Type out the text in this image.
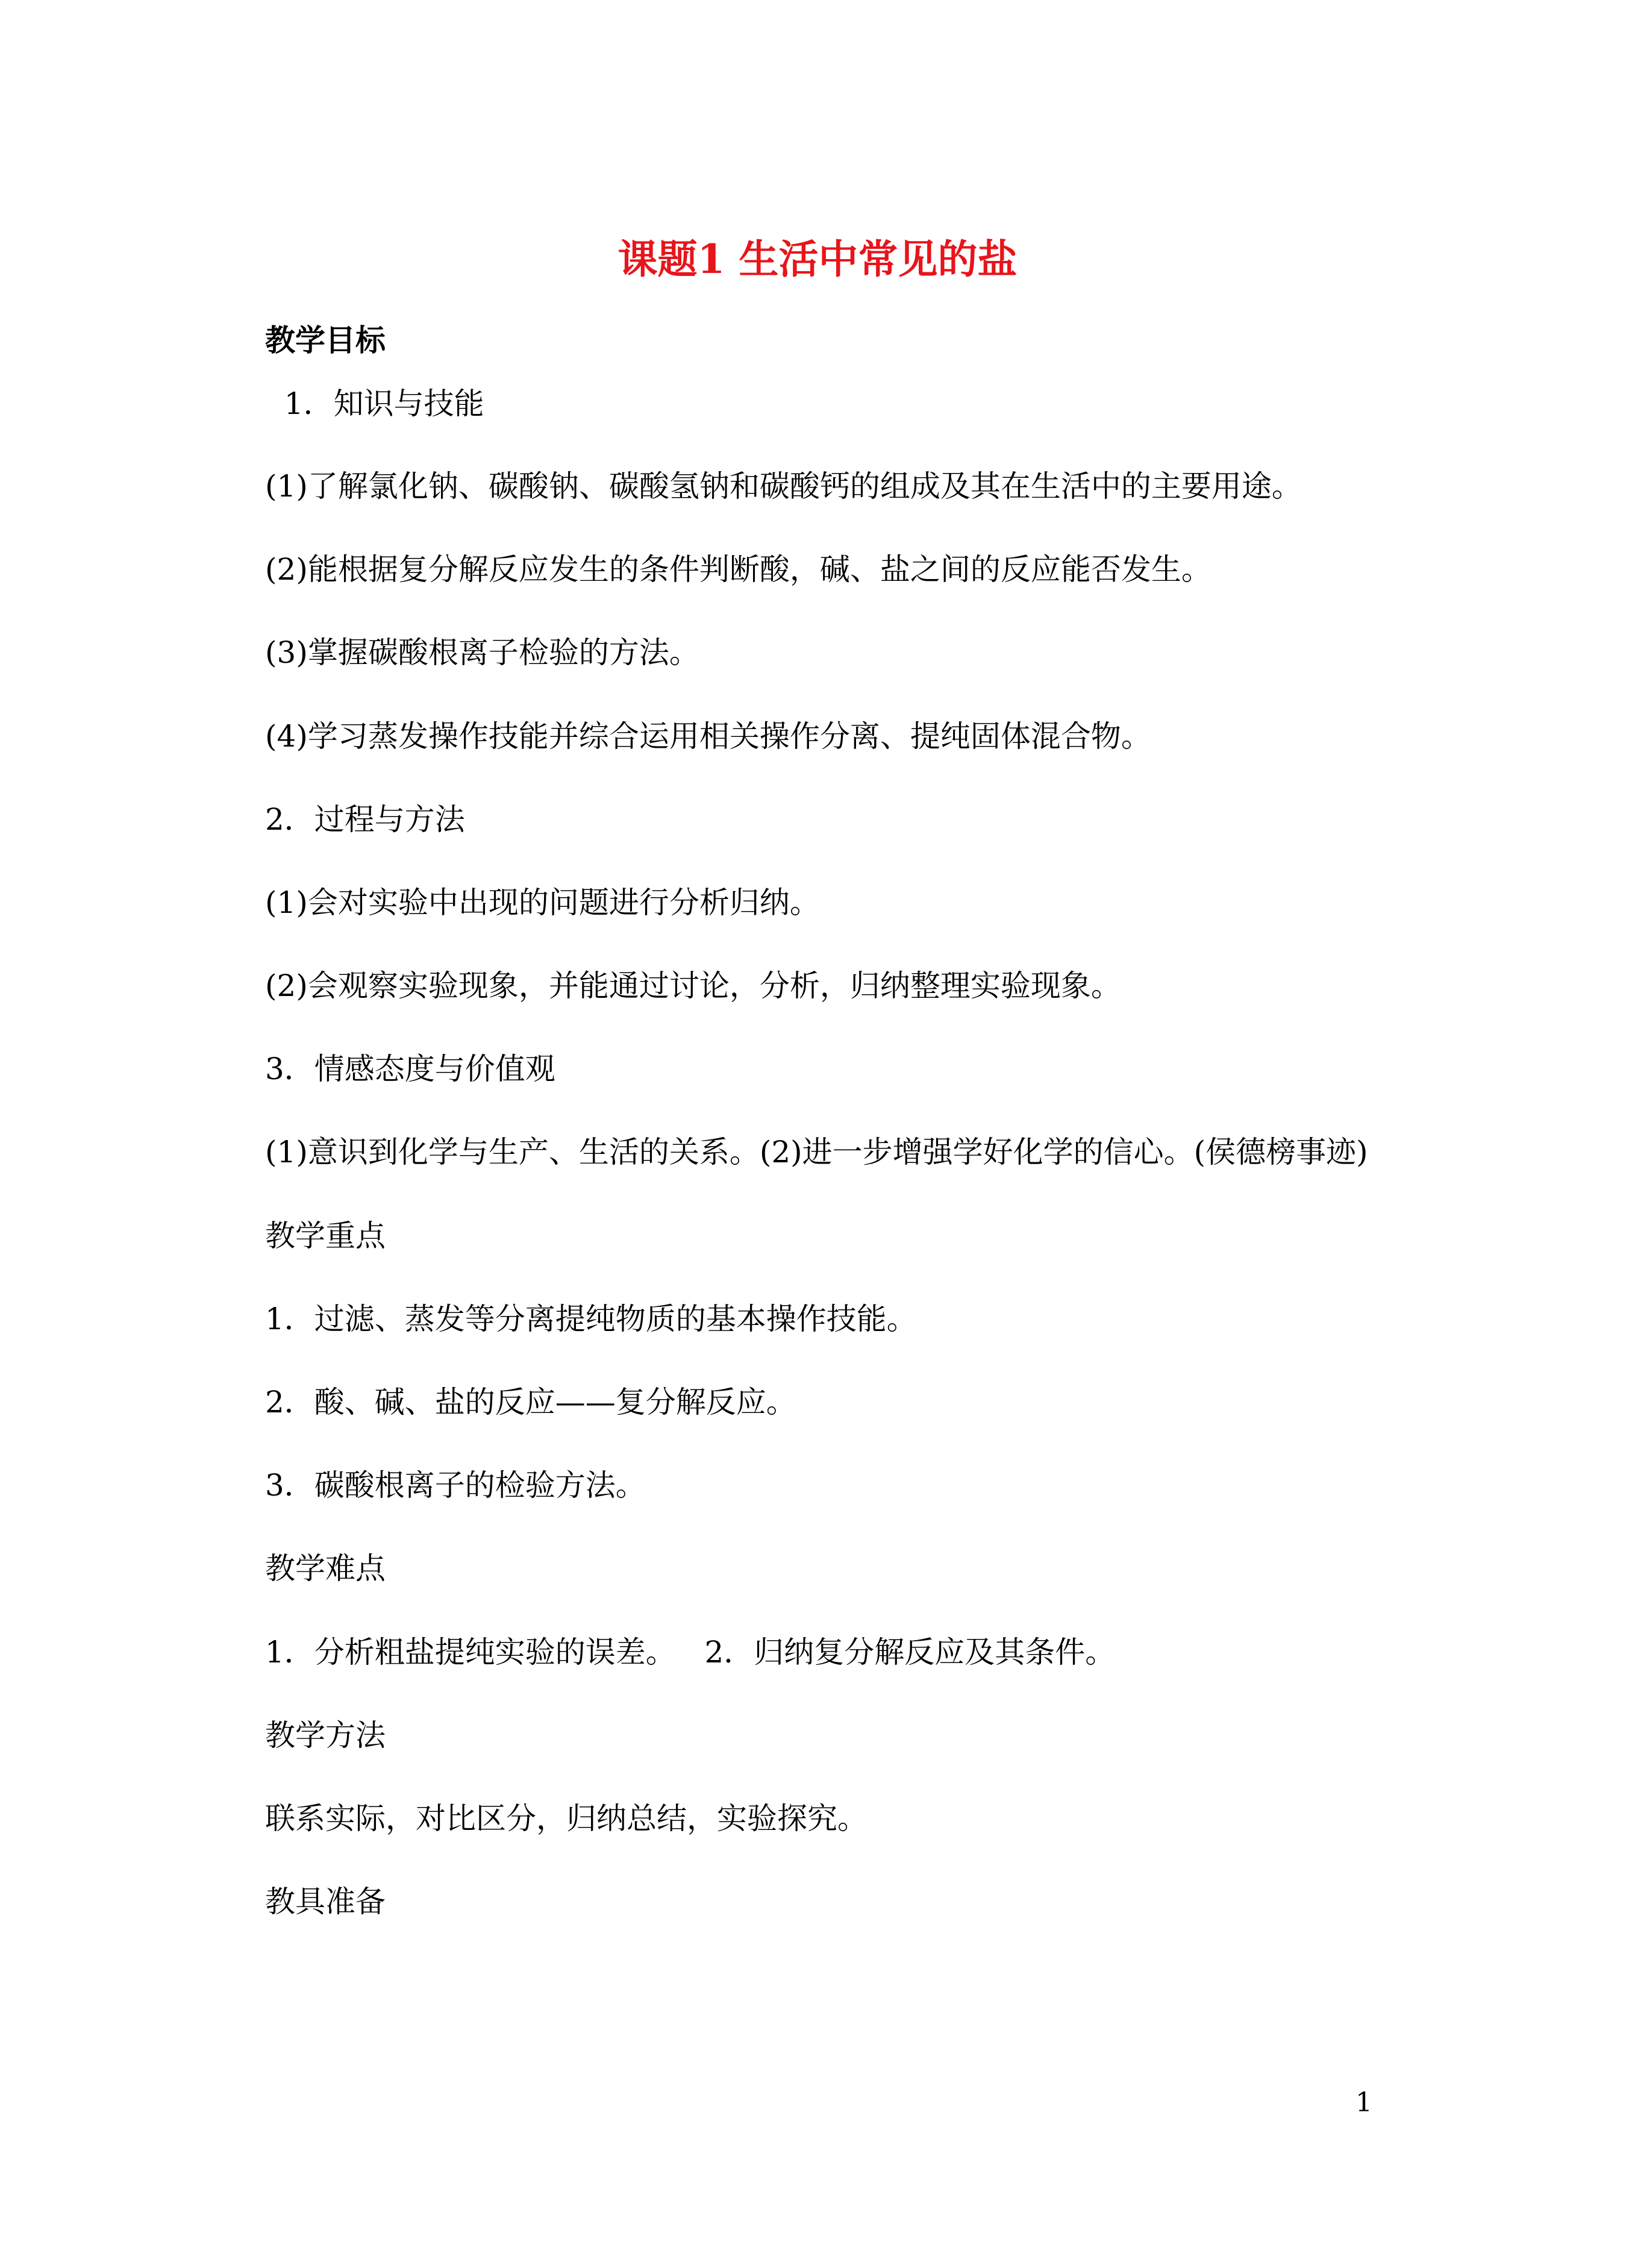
课题1 生活中常见的盐
教学目标
1．知识与技能
(1)了解氯化钠、碳酸钠、碳酸氢钠和碳酸钙的组成及其在生活中的主要用途。
(2)能根据复分解反应发生的条件判断酸，碱、盐之间的反应能否发生。
(3)掌握碳酸根离子检验的方法。
(4)学习蒸发操作技能并综合运用相关操作分离、提纯固体混合物。
2．过程与方法
(1)会对实验中出现的问题进行分析归纳。
(2)会观察实验现象，并能通过讨论，分析，归纳整理实验现象。
3．情感态度与价值观
(1)意识到化学与生产、生活的关系。(2)进一步增强学好化学的信心。(侯德榜事迹)
教学重点
1．过滤、蒸发等分离提纯物质的基本操作技能。
2．酸、碱、盐的反应——复分解反应。
3．碳酸根离子的检验方法。
教学难点
1．分析粗盐提纯实验的误差。   2．归纳复分解反应及其条件。
教学方法
联系实际，对比区分，归纳总结，实验探究。
教具准备
1
